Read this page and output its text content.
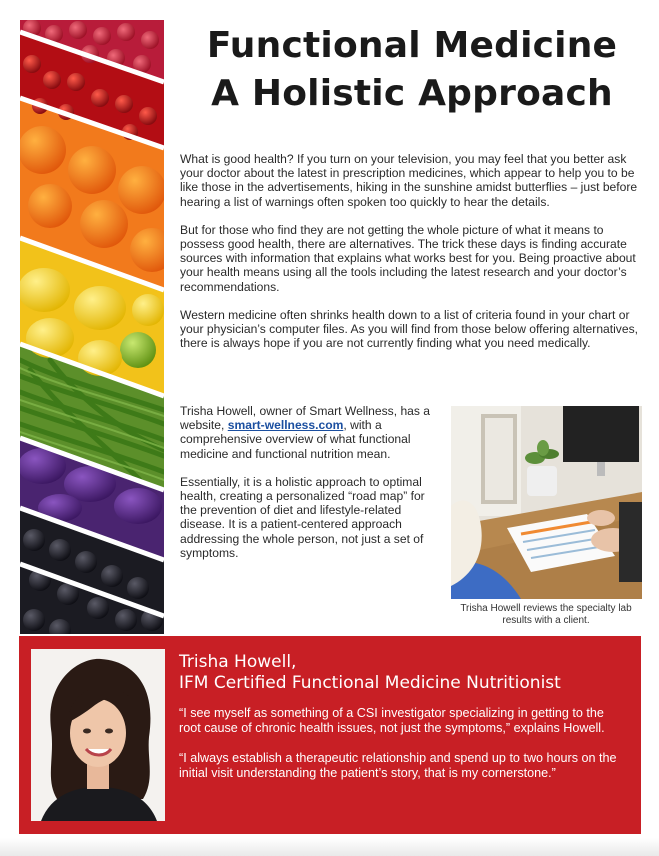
Functional Medicine
A Holistic Approach

What is good health? If you turn on your television, you may feel that you better ask your doctor about the latest in prescription medicines, which appear to help you to be like those in the advertisements, hiking in the sunshine amidst butterflies – just before hearing a list of warnings often spoken too quickly to hear the details.

But for those who find they are not getting the whole picture of what it means to possess good health, there are alternatives. The trick these days is finding accurate sources with information that explains what works best for you. Being proactive about your health means using all the tools including the latest research and your doctor’s recommendations.

Western medicine often shrinks health down to a list of criteria found in your chart or your physician’s computer files. As you will find from those below offering alternatives, there is always hope if you are not currently finding what you need medically.

Trisha Howell, owner of Smart Wellness, has a website, smart-wellness.com, with a comprehensive overview of what functional medicine and functional nutrition mean.

Essentially, it is a holistic approach to optimal health, creating a personalized “road map” for the prevention of diet and lifestyle-related disease. It is a patient-centered approach addressing the whole person, not just a set of symptoms.

Trisha Howell reviews the specialty lab results with a client.
Trisha Howell,
IFM Certified Functional Medicine Nutritionist

“I see myself as something of a CSI investigator specializing in getting to the root cause of chronic health issues, not just the symptoms,” explains Howell.

“I always establish a therapeutic relationship and spend up to two hours on the initial visit understanding the patient’s story, that is my cornerstone.”
